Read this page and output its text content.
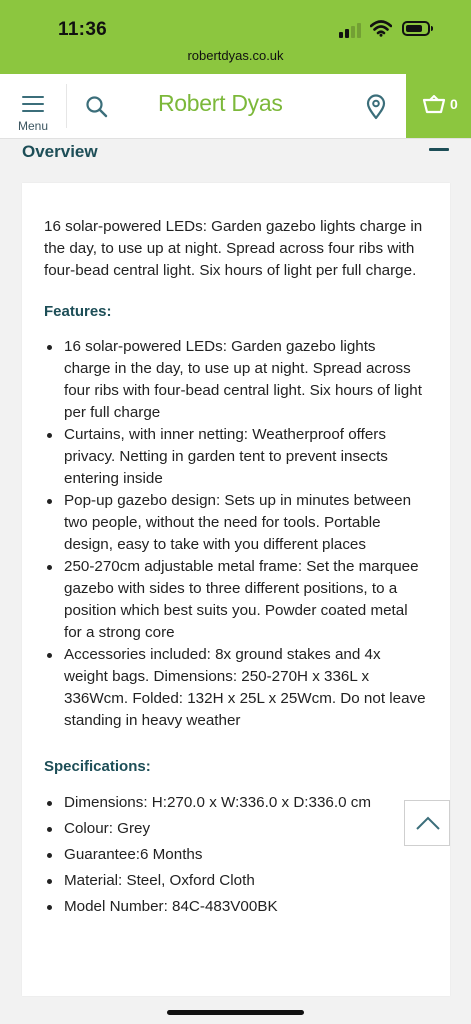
11:36
robertdyas.co.uk
Menu
Robert Dyas	0
Overview

16 solar-powered LEDs: Garden gazebo lights charge in the day, to use up at night. Spread across four ribs with four-bead central light. Six hours of light per full charge.

Features:

16 solar-powered LEDs: Garden gazebo lights charge in the day, to use up at night. Spread across four ribs with four-bead central light. Six hours of light per full charge
Curtains, with inner netting: Weatherproof offers privacy. Netting in garden tent to prevent insects entering inside
Pop-up gazebo design: Sets up in minutes between two people, without the need for tools. Portable design, easy to take with you different places
250-270cm adjustable metal frame: Set the marquee gazebo with sides to three different positions, to a position which best suits you. Powder coated metal for a strong core
Accessories included: 8x ground stakes and 4x weight bags. Dimensions: 250-270H x 336L x 336Wcm. Folded: 132H x 25L x 25Wcm. Do not leave standing in heavy weather

Specifications:

Dimensions: H:270.0 x W:336.0 x D:336.0 cm
Colour: Grey
Guarantee:6 Months
Material: Steel, Oxford Cloth
Model Number: 84C-483V00BK
